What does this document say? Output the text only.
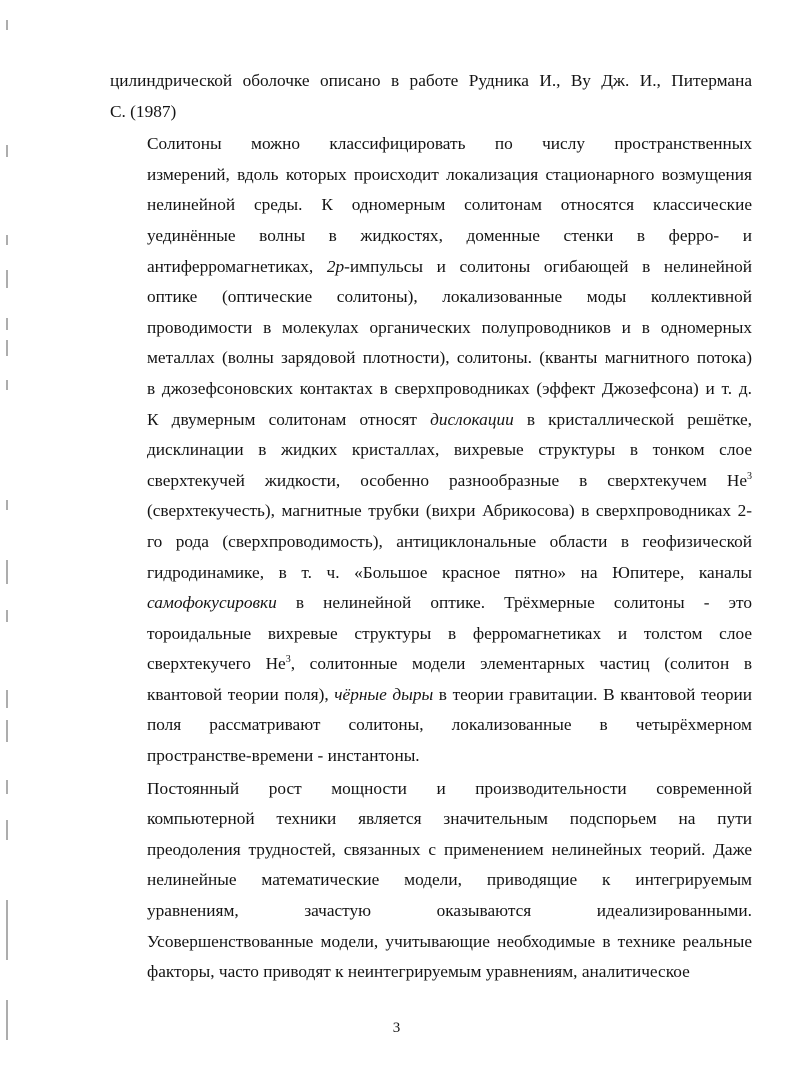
цилиндрической оболочке описано в работе Рудника И., Ву Дж. И., Питермана
С. (1987)

Солитоны можно классифицировать по числу пространственных
измерений, вдоль которых происходит локализация стационарного возмущения
нелинейной среды. К одномерным солитонам относятся классические
уединённые волны в жидкостях, доменные стенки в ферро- и
антиферромагнетиках, 2p-импульсы и солитоны огибающей в нелинейной
оптике (оптические солитоны), локализованные моды коллективной
проводимости в молекулах органических полупроводников и в одномерных
металлах (волны зарядовой плотности), солитоны. (кванты магнитного потока)
в джозефсоновских контактах в сверхпроводниках (эффект Джозефсона) и т. д.
К двумерным солитонам относят дислокации в кристаллической решётке,
дисклинации в жидких кристаллах, вихревые структуры в тонком слое
сверхтекучей жидкости, особенно разнообразные в сверхтекучем He$^3$
(сверхтекучесть), магнитные трубки (вихри Абрикосова) в сверхпроводниках 2-
го рода (сверхпроводимость), антициклональные области в геофизической
гидродинамике, в т. ч. «Большое красное пятно» на Юпитере, каналы
самофокусировки в нелинейной оптике. Трёхмерные солитоны - это
тороидальные вихревые структуры в ферромагнетиках и толстом слое
сверхтекучего He$^3$, солитонные модели элементарных частиц (солитон в
квантовой теории поля), чёрные дыры в теории гравитации. В квантовой теории
поля рассматривают солитоны, локализованные в четырёхмерном
пространстве-времени - инстантоны.

Постоянный рост мощности и производительности современной
компьютерной техники является значительным подспорьем на пути
преодоления трудностей, связанных с применением нелинейных теорий. Даже
нелинейные математические модели, приводящие к интегрируемым
уравнениям, зачастую оказываются идеализированными.
Усовершенствованные модели, учитывающие необходимые в технике реальные
факторы, часто приводят к неинтегрируемым уравнениям, аналитическое

3
